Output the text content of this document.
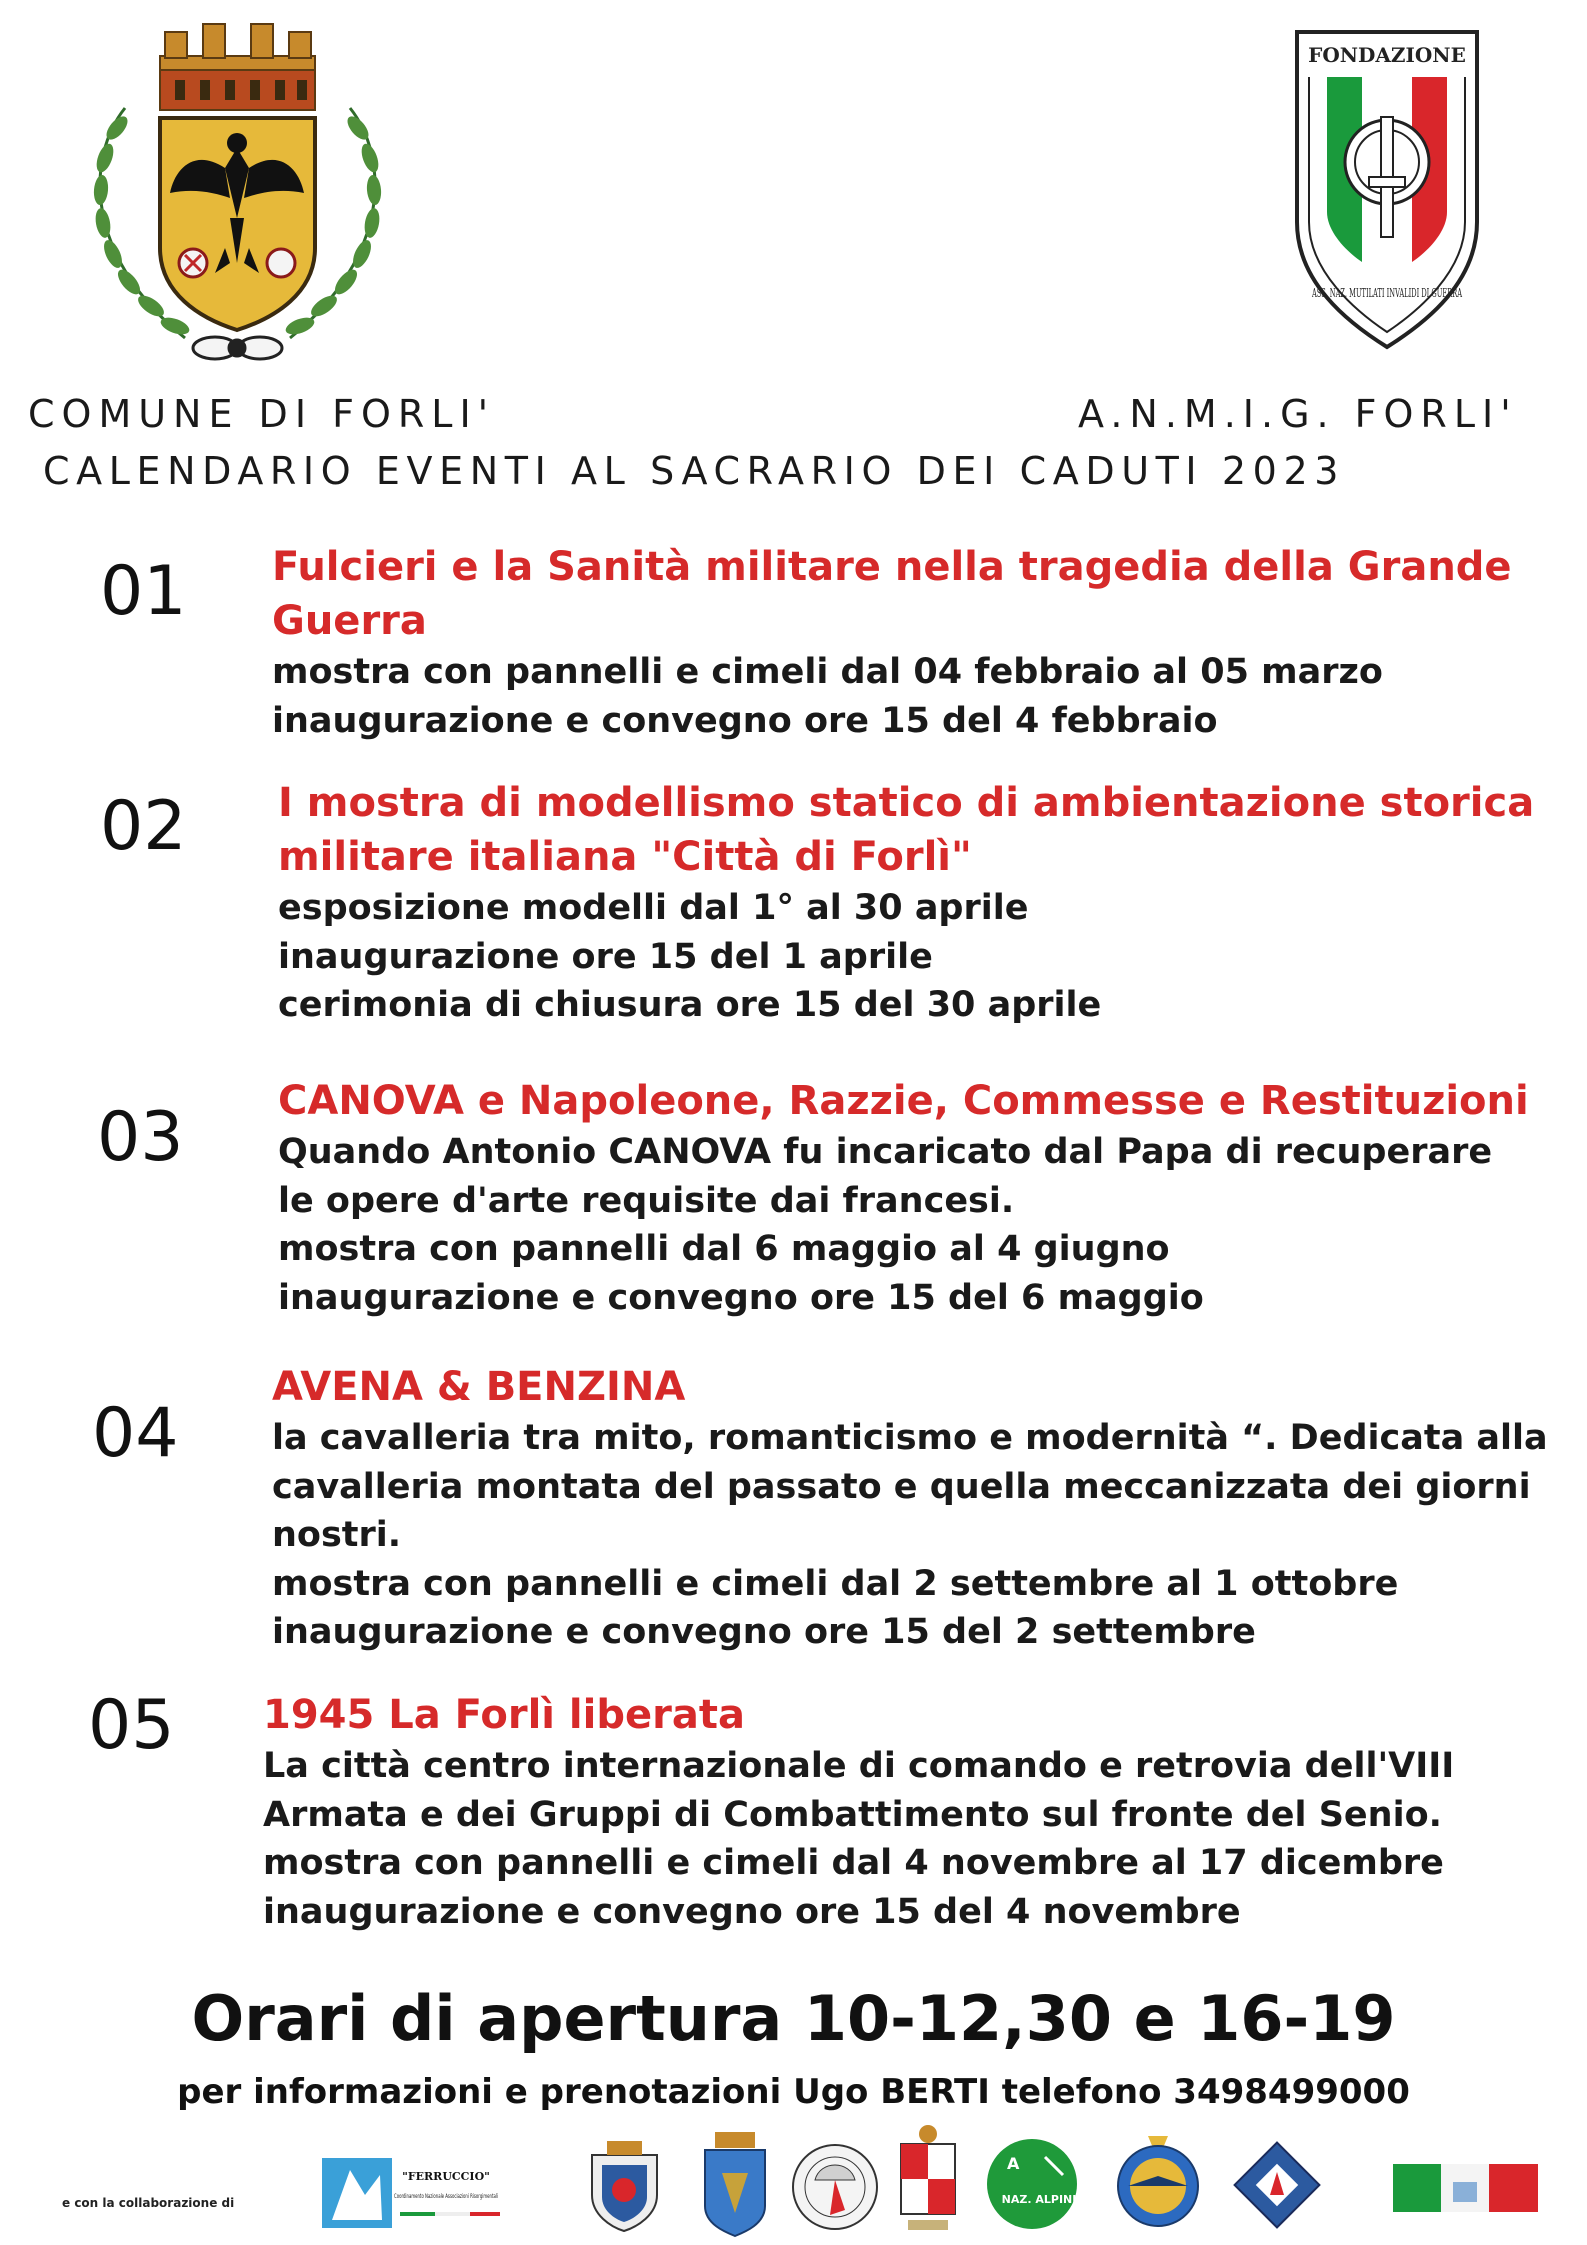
FONDAZIONE
ASS. NAZ. MUTILATI INVALIDI DI GUERRA
COMUNE DI FORLI'	A.N.M.I.G. FORLI'
CALENDARIO EVENTI AL SACRARIO DEI CADUTI 2023
01 Fulcieri e la Sanità militare nella tragedia della Grande

Guerra

mostra con pannelli e cimeli dal 04 febbraio al 05 marzo

inaugurazione e convegno ore 15 del 4 febbraio

02 I mostra di modellismo statico di ambientazione storica

militare italiana "Città di Forlì"

esposizione modelli dal 1° al 30 aprile

inaugurazione ore 15 del 1 aprile

cerimonia di chiusura ore 15 del 30 aprile

03 CANOVA e Napoleone, Razzie, Commesse e Restituzioni

Quando Antonio CANOVA fu incaricato dal Papa di recuperare

le opere d'arte requisite dai francesi.

mostra con pannelli dal 6 maggio al 4 giugno

inaugurazione e convegno ore 15 del 6 maggio

04

AVENA & BENZINA

la cavalleria tra mito, romanticismo e modernità “. Dedicata alla

cavalleria montata del passato e quella meccanizzata dei giorni

nostri.

mostra con pannelli e cimeli dal 2 settembre al 1 ottobre

inaugurazione e convegno ore 15 del 2 settembre

05 1945 La Forlì liberata

La città centro internazionale di comando e retrovia dell'VIII

Armata e dei Gruppi di Combattimento sul fronte del Senio.

mostra con pannelli e cimeli dal 4 novembre al 17 dicembre

inaugurazione e convegno ore 15 del 4 novembre

Orari di apertura 10-12,30 e 16-19
per informazioni e prenotazioni Ugo BERTI telefono 3498499000
e con la collaborazione di
"FERRUCCIO"
Coordinamento Nazionale Associazioni Risorgimentali
A
NAZ. ALPINI
